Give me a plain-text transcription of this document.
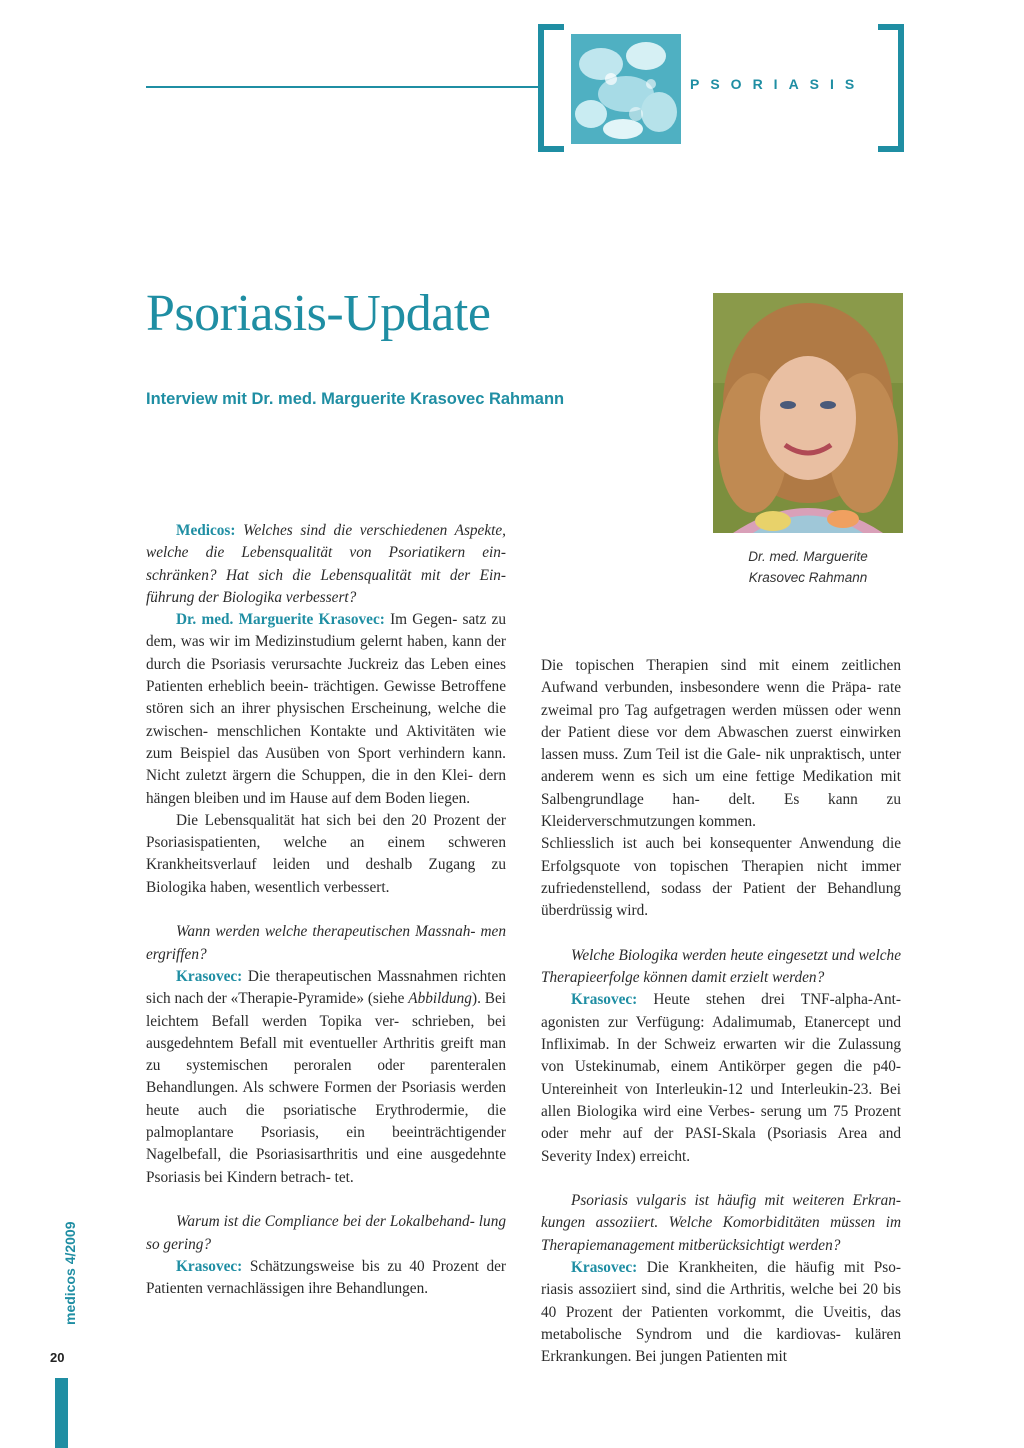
PSORIASIS
Psoriasis-Update
Interview mit Dr. med. Marguerite Krasovec Rahmann
Dr. med. Marguerite
Krasovec Rahmann

Medicos: Welches sind die verschiedenen Aspekte, welche die Lebensqualität von Psoriatikern ein- schränken? Hat sich die Lebensqualität mit der Ein- führung der Biologika verbessert?

Dr. med. Marguerite Krasovec: Im Gegen- satz zu dem, was wir im Medizinstudium gelernt haben, kann der durch die Psoriasis verursachte Juckreiz das Leben eines Patienten erheblich beein- trächtigen. Gewisse Betroffene stören sich an ihrer physischen Erscheinung, welche die zwischen- menschlichen Kontakte und Aktivitäten wie zum Beispiel das Ausüben von Sport verhindern kann. Nicht zuletzt ärgern die Schuppen, die in den Klei- dern hängen bleiben und im Hause auf dem Boden liegen.

Die Lebensqualität hat sich bei den 20 Prozent der Psoriasispatienten, welche an einem schweren Krankheitsverlauf leiden und deshalb Zugang zu Biologika haben, wesentlich verbessert.

Wann werden welche therapeutischen Massnah- men ergriffen?

Krasovec: Die therapeutischen Massnahmen richten sich nach der «Therapie-Pyramide» (siehe Abbildung). Bei leichtem Befall werden Topika ver- schrieben, bei ausgedehntem Befall mit eventueller Arthritis greift man zu systemischen peroralen oder parenteralen Behandlungen. Als schwere Formen der Psoriasis werden heute auch die psoriatische Erythrodermie, die palmoplantare Psoriasis, ein beeinträchtigender Nagelbefall, die Psoriasisarthritis und eine ausgedehnte Psoriasis bei Kindern betrach- tet.

Warum ist die Compliance bei der Lokalbehand- lung so gering?

Krasovec: Schätzungsweise bis zu 40 Prozent der Patienten vernachlässigen ihre Behandlungen.

Die topischen Therapien sind mit einem zeitlichen Aufwand verbunden, insbesondere wenn die Präpa- rate zweimal pro Tag aufgetragen werden müssen oder wenn der Patient diese vor dem Abwaschen zuerst einwirken lassen muss. Zum Teil ist die Gale- nik unpraktisch, unter anderem wenn es sich um eine fettige Medikation mit Salbengrundlage han- delt. Es kann zu Kleiderverschmutzungen kommen.

Schliesslich ist auch bei konsequenter Anwendung die Erfolgsquote von topischen Therapien nicht immer zufriedenstellend, sodass der Patient der Behandlung überdrüssig wird.

Welche Biologika werden heute eingesetzt und welche Therapieerfolge können damit erzielt werden?

Krasovec: Heute stehen drei TNF-alpha-Ant- agonisten zur Verfügung: Adalimumab, Etanercept und Infliximab. In der Schweiz erwarten wir die Zulassung von Ustekinumab, einem Antikörper gegen die p40-Untereinheit von Interleukin-12 und Interleukin-23. Bei allen Biologika wird eine Verbes- serung um 75 Prozent oder mehr auf der PASI-Skala (Psoriasis Area and Severity Index) erreicht.

Psoriasis vulgaris ist häufig mit weiteren Erkran- kungen assoziiert. Welche Komorbiditäten müssen im Therapiemanagement mitberücksichtigt werden?

Krasovec: Die Krankheiten, die häufig mit Pso- riasis assoziiert sind, sind die Arthritis, welche bei 20 bis 40 Prozent der Patienten vorkommt, die Uveitis, das metabolische Syndrom und die kardiovas- kulären Erkrankungen. Bei jungen Patienten mit

medicos 4/2009
20
